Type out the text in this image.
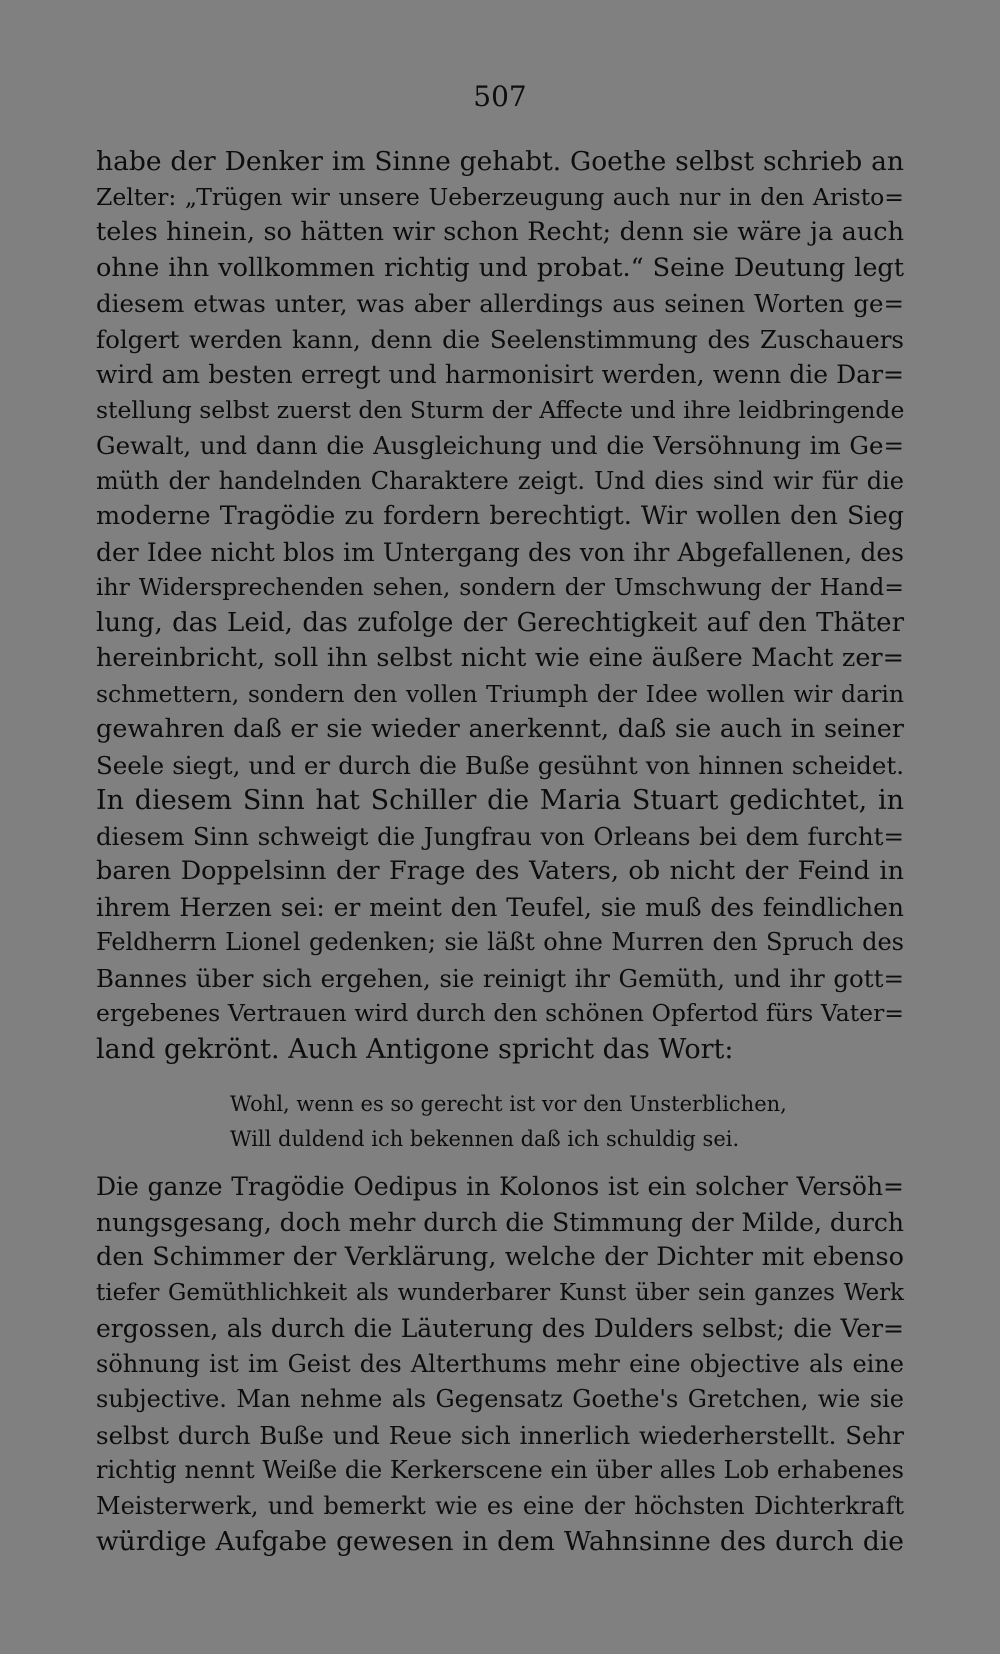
507
habe der Denker im Sinne gehabt. Goethe selbst schrieb an
Zelter: „Trügen wir unsere Ueberzeugung auch nur in den Aristo=
teles hinein, so hätten wir schon Recht; denn sie wäre ja auch
ohne ihn vollkommen richtig und probat.“ Seine Deutung legt
diesem etwas unter, was aber allerdings aus seinen Worten ge=
folgert werden kann, denn die Seelenstimmung des Zuschauers
wird am besten erregt und harmonisirt werden, wenn die Dar=
stellung selbst zuerst den Sturm der Affecte und ihre leidbringende
Gewalt, und dann die Ausgleichung und die Versöhnung im Ge=
müth der handelnden Charaktere zeigt. Und dies sind wir für die
moderne Tragödie zu fordern berechtigt. Wir wollen den Sieg
der Idee nicht blos im Untergang des von ihr Abgefallenen, des
ihr Widersprechenden sehen, sondern der Umschwung der Hand=
lung, das Leid, das zufolge der Gerechtigkeit auf den Thäter
hereinbricht, soll ihn selbst nicht wie eine äußere Macht zer=
schmettern, sondern den vollen Triumph der Idee wollen wir darin
gewahren daß er sie wieder anerkennt, daß sie auch in seiner
Seele siegt, und er durch die Buße gesühnt von hinnen scheidet.
In diesem Sinn hat Schiller die Maria Stuart gedichtet, in
diesem Sinn schweigt die Jungfrau von Orleans bei dem furcht=
baren Doppelsinn der Frage des Vaters, ob nicht der Feind in
ihrem Herzen sei: er meint den Teufel, sie muß des feindlichen
Feldherrn Lionel gedenken; sie läßt ohne Murren den Spruch des
Bannes über sich ergehen, sie reinigt ihr Gemüth, und ihr gott=
ergebenes Vertrauen wird durch den schönen Opfertod fürs Vater=
land gekrönt. Auch Antigone spricht das Wort:
Wohl, wenn es so gerecht ist vor den Unsterblichen,
Will duldend ich bekennen daß ich schuldig sei.
Die ganze Tragödie Oedipus in Kolonos ist ein solcher Versöh=
nungsgesang, doch mehr durch die Stimmung der Milde, durch
den Schimmer der Verklärung, welche der Dichter mit ebenso
tiefer Gemüthlichkeit als wunderbarer Kunst über sein ganzes Werk
ergossen, als durch die Läuterung des Dulders selbst; die Ver=
söhnung ist im Geist des Alterthums mehr eine objective als eine
subjective. Man nehme als Gegensatz Goethe's Gretchen, wie sie
selbst durch Buße und Reue sich innerlich wiederherstellt. Sehr
richtig nennt Weiße die Kerkerscene ein über alles Lob erhabenes
Meisterwerk, und bemerkt wie es eine der höchsten Dichterkraft
würdige Aufgabe gewesen in dem Wahnsinne des durch die
